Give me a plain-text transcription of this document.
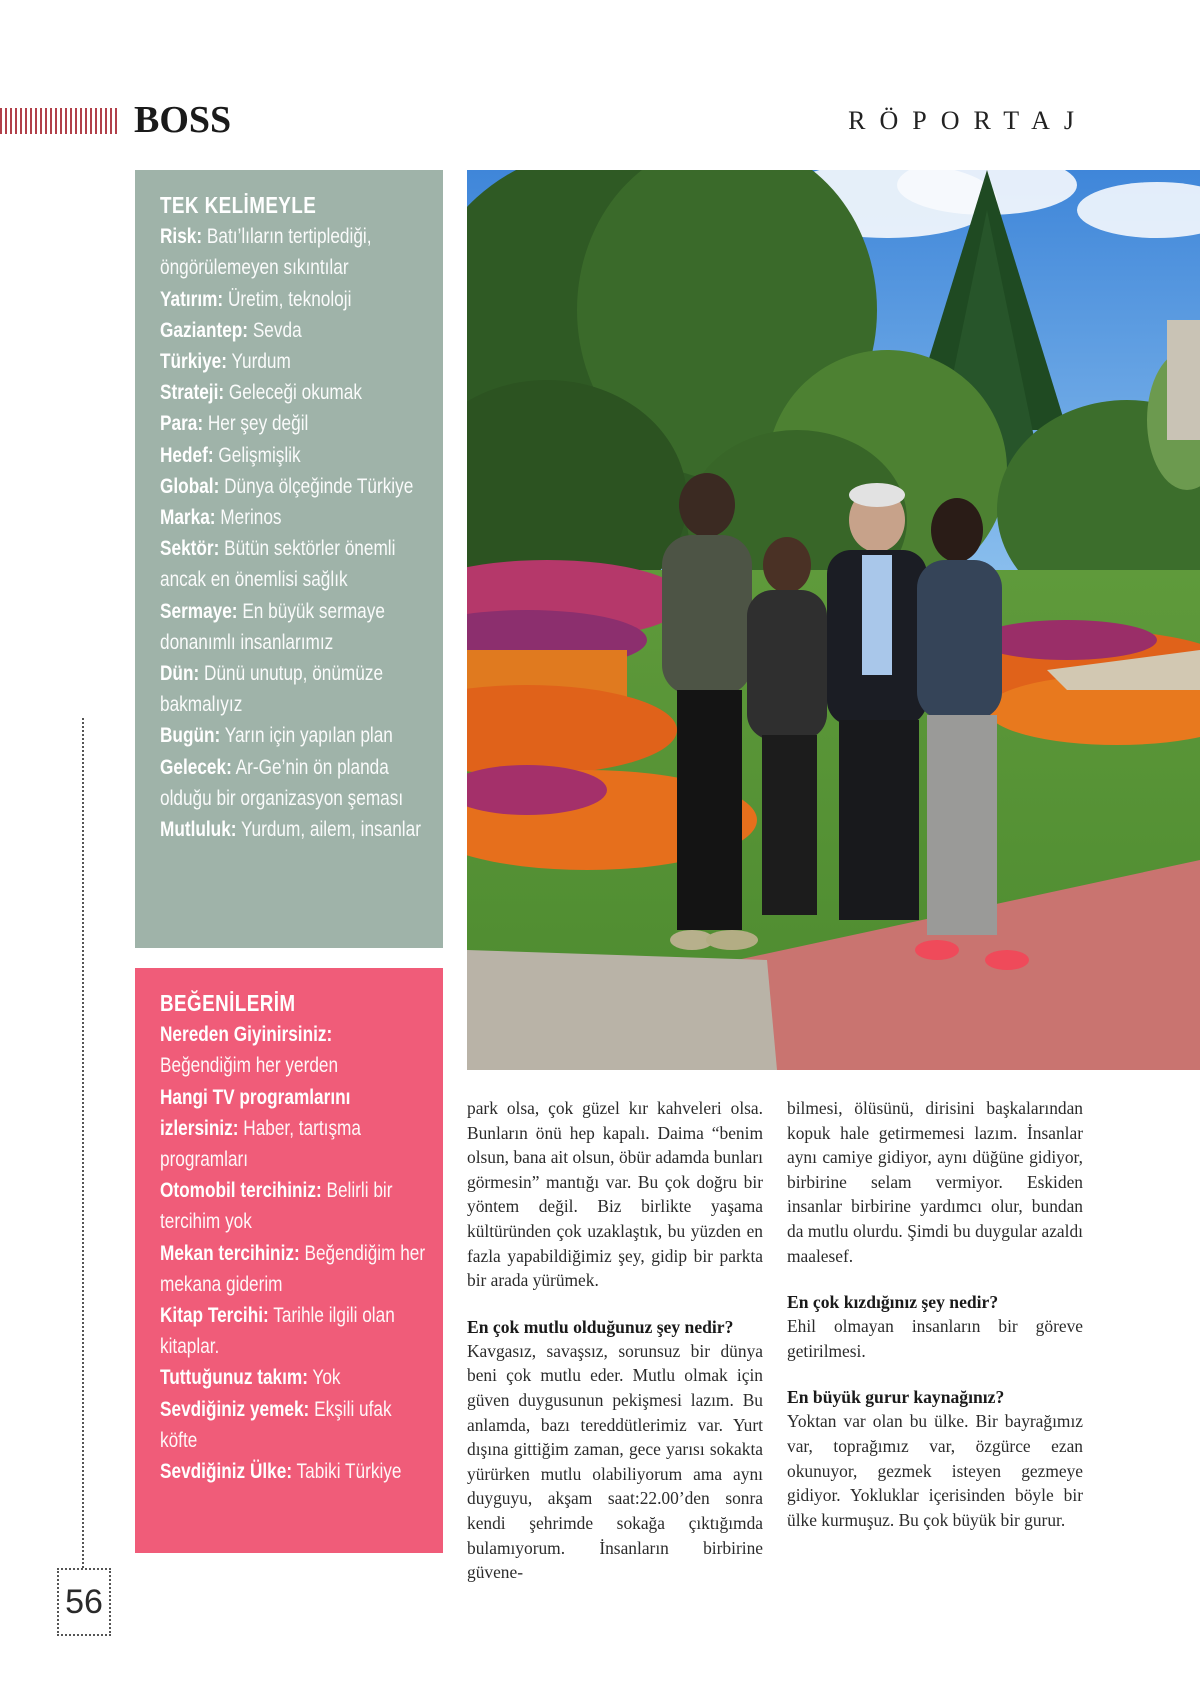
BOSS	RÖPORTAJ
TEK KELİMEYLE
Risk: Batı’lıların tertiplediği, öngörülemeyen sıkıntılar
Yatırım: Üretim, teknoloji
Gaziantep: Sevda
Türkiye: Yurdum
Strateji: Geleceği okumak
Para: Her şey değil
Hedef: Gelişmişlik
Global: Dünya ölçeğinde Türkiye
Marka: Merinos
Sektör: Bütün sektörler önemli ancak en önemlisi sağlık
Sermaye: En büyük sermaye donanımlı insanlarımız
Dün: Dünü unutup, önümüze bakmalıyız
Bugün: Yarın için yapılan plan
Gelecek: Ar-Ge’nin ön planda olduğu bir organizasyon şeması
Mutluluk: Yurdum, ailem, insanlar
BEĞENİLERİM
Nereden Giyinirsiniz: Beğendiğim her yerden
Hangi TV programlarını izlersiniz: Haber, tartışma programları
Otomobil tercihiniz: Belirli bir tercihim yok
Mekan tercihiniz: Beğendiğim her mekana giderim
Kitap Tercihi: Tarihle ilgili olan kitaplar.
Tuttuğunuz takım: Yok
Sevdiğiniz yemek: Ekşili ufak köfte
Sevdiğiniz Ülke: Tabiki Türkiye

park olsa, çok güzel kır kahveleri olsa. Bunların önü hep kapalı. Daima “benim olsun, bana ait olsun, öbür adamda bunları görmesin” mantığı var. Bu çok doğru bir yöntem değil. Biz birlikte yaşama kültüründen çok uzaklaştık, bu yüzden en fazla yapabildiğimiz şey, gidip bir parkta bir arada yürümek.

En çok mutlu olduğunuz şey nedir?

Kavgasız, savaşsız, sorunsuz bir dünya beni çok mutlu eder. Mutlu olmak için güven duygusunun pekişmesi lazım. Bu anlamda, bazı tereddütlerimiz var. Yurt dışına gittiğim zaman, gece yarısı sokakta yürürken mutlu olabiliyorum ama aynı duyguyu, akşam saat:22.00’den sonra kendi şehrimde sokağa çıktığımda bulamıyorum. İnsanların birbirine güvene-

bilmesi, ölüsünü, dirisini başkalarından kopuk hale getirmemesi lazım. İnsanlar aynı camiye gidiyor, aynı düğüne gidiyor, birbirine selam vermiyor. Eskiden insanlar birbirine yardımcı olur, bundan da mutlu olurdu. Şimdi bu duygular azaldı maalesef.

En çok kızdığınız şey nedir?

Ehil olmayan insanların bir göreve getirilmesi.

En büyük gurur kaynağınız?

Yoktan var olan bu ülke. Bir bayrağımız var, toprağımız var, özgürce ezan okunuyor, gezmek isteyen gezmeye gidiyor. Yokluklar içerisinden böyle bir ülke kurmuşuz. Bu çok büyük bir gurur.

56
